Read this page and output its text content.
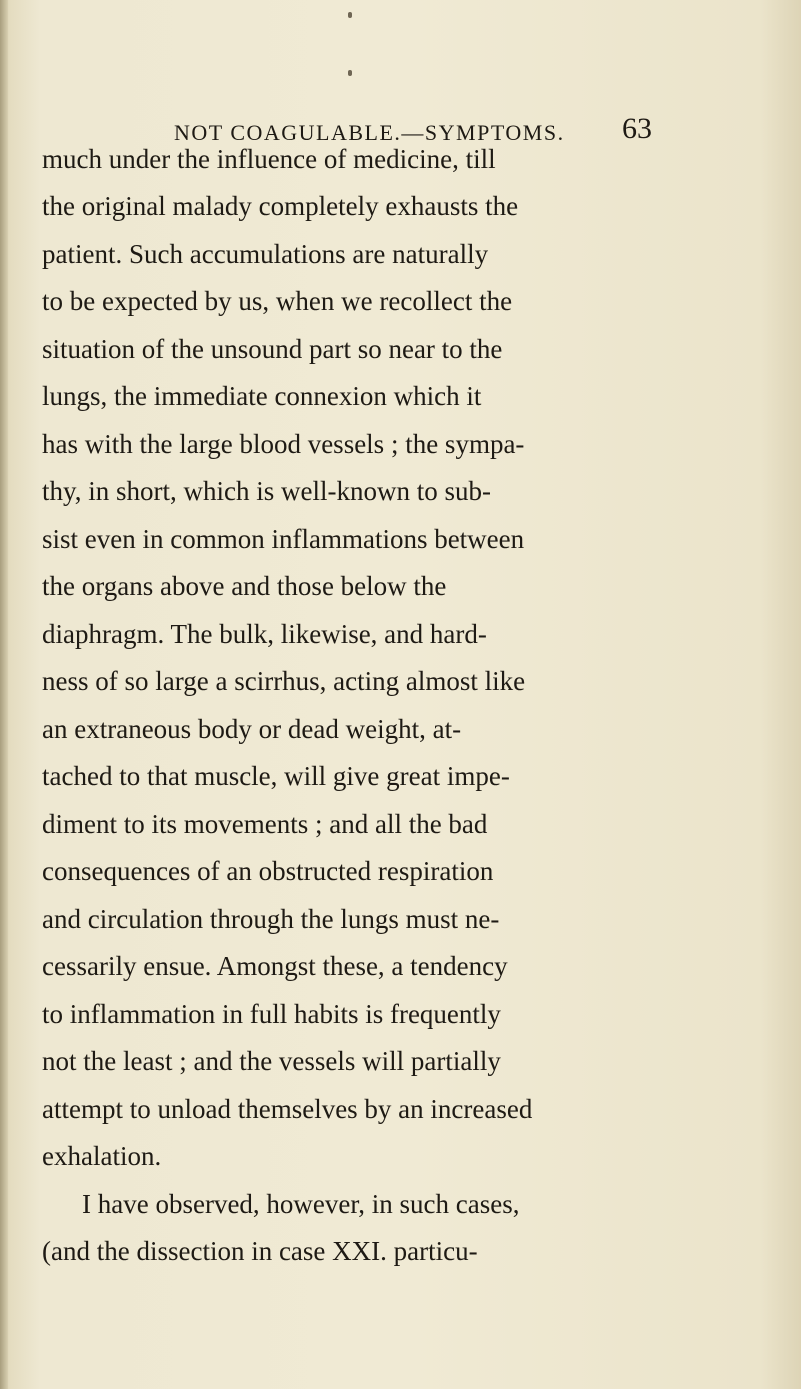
NOT COAGULABLE.—SYMPTOMS. 63
much under the influence of medicine, till
the original malady completely exhausts the
patient. Such accumulations are naturally
to be expected by us, when we recollect the
situation of the unsound part so near to the
lungs, the immediate connexion which it
has with the large blood vessels ; the sympa-
thy, in short, which is well-known to sub-
sist even in common inflammations between
the organs above and those below the
diaphragm. The bulk, likewise, and hard-
ness of so large a scirrhus, acting almost like
an extraneous body or dead weight, at-
tached to that muscle, will give great impe-
diment to its movements ; and all the bad
consequences of an obstructed respiration
and circulation through the lungs must ne-
cessarily ensue. Amongst these, a tendency
to inflammation in full habits is frequently
not the least ; and the vessels will partially
attempt to unload themselves by an increased
exhalation.
I have observed, however, in such cases,
(and the dissection in case XXI. particu-
